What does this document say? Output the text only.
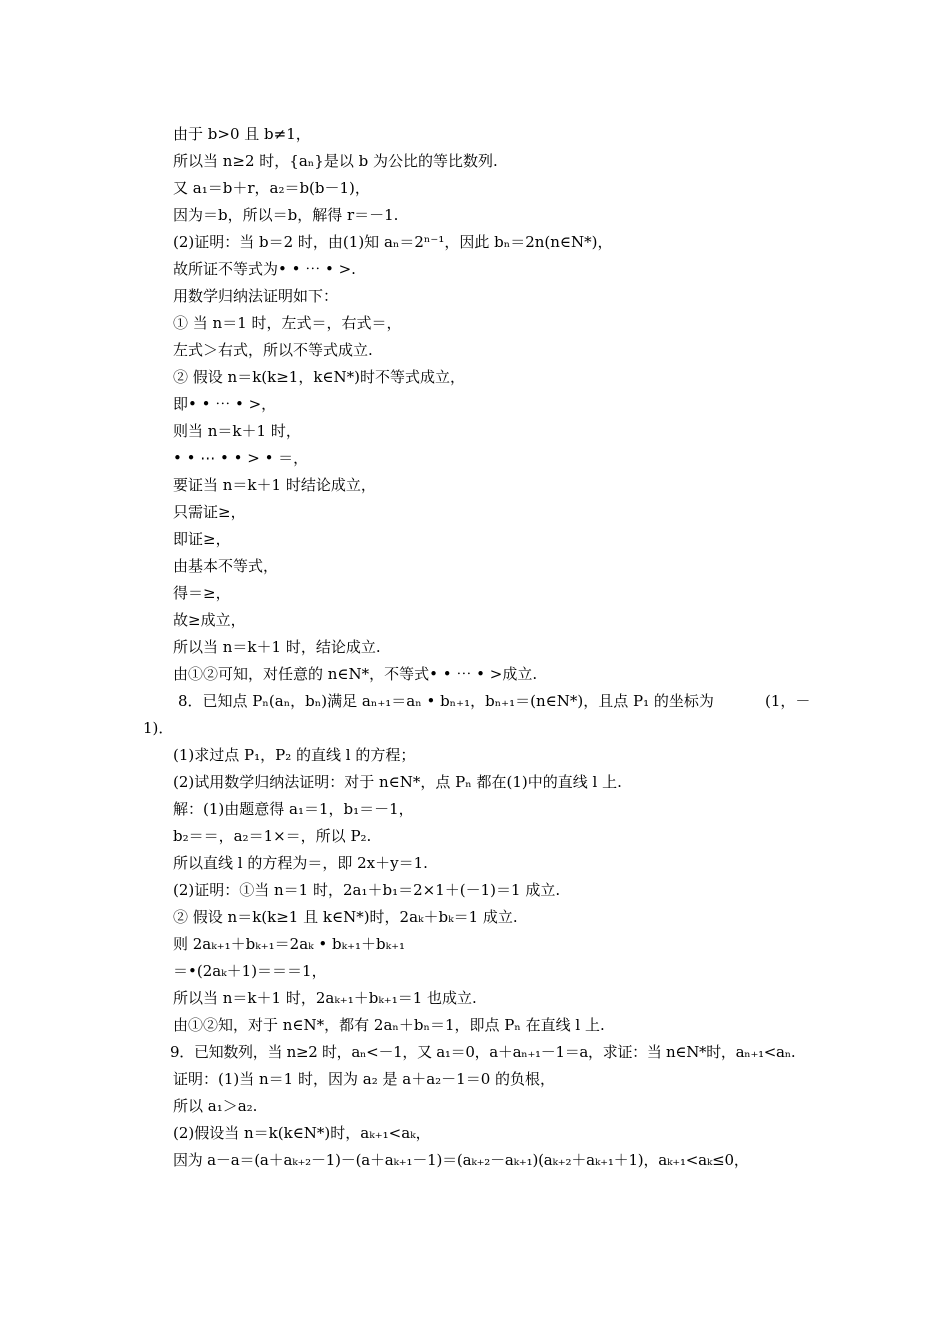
由于 b>0 且 b≠1，
所以当 n≥2 时，{aₙ}是以 b 为公比的等比数列.
又 a₁＝b＋r，a₂＝b(b－1)，
因为＝b，所以＝b，解得 r＝－1.
(2)证明：当 b＝2 时，由(1)知 aₙ＝2ⁿ⁻¹，因此 bₙ＝2n(n∈N*)，
故所证不等式为• • ⋯ • >.
用数学归纳法证明如下：
① 当 n＝1 时，左式＝，右式＝，
左式＞右式，所以不等式成立.
② 假设 n＝k(k≥1，k∈N*)时不等式成立，
即• • ⋯ • >，
则当 n＝k＋1 时，
• • ⋯ • • > • ＝，
要证当 n＝k＋1 时结论成立，
只需证≥，
即证≥，
由基本不等式，
得＝≥，
故≥成立，
所以当 n＝k＋1 时，结论成立.
由①②可知，对任意的 n∈N*，不等式• • ⋯ • >成立.
8．已知点 Pₙ(aₙ，bₙ)满足 aₙ₊₁＝aₙ • bₙ₊₁，bₙ₊₁＝(n∈N*)，且点 P₁ 的坐标为	(1，－
1)．
(1)求过点 P₁，P₂ 的直线 l 的方程；
(2)试用数学归纳法证明：对于 n∈N*，点 Pₙ 都在(1)中的直线 l 上.
解：(1)由题意得 a₁＝1，b₁＝－1，
b₂＝＝，a₂＝1×＝，所以 P₂.
所以直线 l 的方程为＝，即 2x＋y＝1.
(2)证明：①当 n＝1 时，2a₁＋b₁＝2×1＋(－1)＝1 成立.
② 假设 n＝k(k≥1 且 k∈N*)时，2aₖ＋bₖ＝1 成立.
则 2aₖ₊₁＋bₖ₊₁＝2aₖ • bₖ₊₁＋bₖ₊₁
＝•(2aₖ＋1)＝＝＝1，
所以当 n＝k＋1 时，2aₖ₊₁＋bₖ₊₁＝1 也成立.
由①②知，对于 n∈N*，都有 2aₙ＋bₙ＝1，即点 Pₙ 在直线 l 上.
9．已知数列，当 n≥2 时，aₙ<－1，又 a₁＝0，a＋aₙ₊₁－1＝a，求证：当 n∈N*时，aₙ₊₁<aₙ.
证明：(1)当 n＝1 时，因为 a₂ 是 a＋a₂－1＝0 的负根，
所以 a₁＞a₂.
(2)假设当 n＝k(k∈N*)时，aₖ₊₁<aₖ，
因为 a－a＝(a＋aₖ₊₂－1)－(a＋aₖ₊₁－1)＝(aₖ₊₂－aₖ₊₁)(aₖ₊₂＋aₖ₊₁＋1)，aₖ₊₁<aₖ≤0，
